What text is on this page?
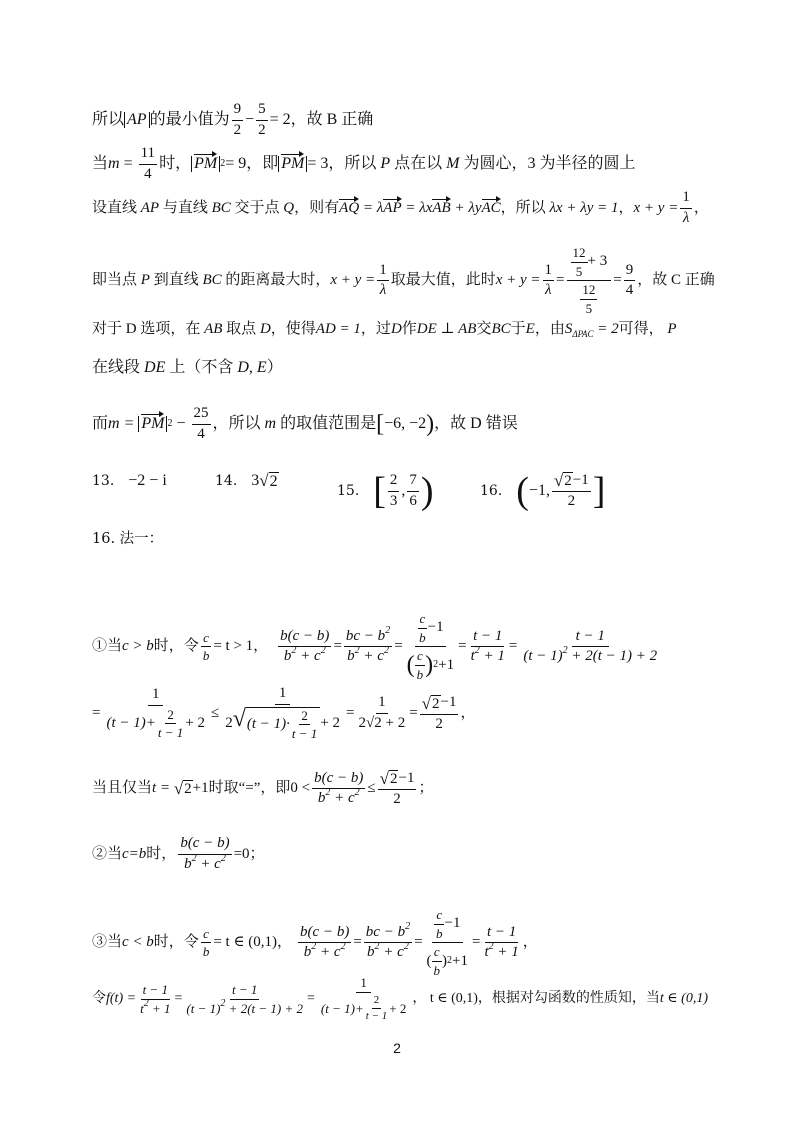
所以 AP 的最小值为 $\frac{9}{2} - \frac{5}{2} = 2$，故 B 正确
当 $m = \frac{11}{4}$ 时， PM 2 = 9，即 PM = 3，所以 P 点在以 M 为圆心，3 为半径的圆上
设直线 AP 与直线 BC 交于点 Q ，则有 AQ = λAP = λxAB + λyAC ，所以 λx + λy = 1 ， $x + y = \frac{1}{\lambda}$ ，
即当点 P 到直线 BC 的距离最大时， $x + y = \frac{1}{\lambda}$ 取最大值，此时 $x + y = \frac{1}{\lambda} = \frac{\frac{12}{5} + 3}{\frac{12}{5}} = \frac{9}{4}$ ，故 C 正确
对于 D 选项，在 AB 取点 D ，使得 AD = 1 ，过 D 作 DE ⊥ AB 交 BC 于 E ，由 $S_{\Delta PAC} = 2$ 可得， P
在线段 DE 上（不含 D, E ）
而 m = PM $2 - \frac{25}{4}$ ，所以 m 的取值范围是 [ −6, −2 ) ，故 D 错误
13. −2 − i	14. 3 √ 2
15. [ $\frac{2}{3}$ , $\frac{7}{6}$ )	16. ( −1, $\frac{√ 2 -1}{2}$ ]
16. 法一：
①当 c > b 时，令 $\frac{c}{b} = t > 1$， $\frac{b(c - b)}{b^2 + c^2} = \frac{bc - b^2}{b^2 + c^2} = \frac{\frac{c}{b} -1}{( \frac{c}{b} ) 2 +1} = \frac{t - 1}{t^2 + 1} = \frac{t - 1}{(t - 1)^2 + 2(t - 1) + 2}$
= $\frac{1}{(t - 1)+ \frac{2}{t - 1} + 2} \le \frac{1}{2 √ (t - 1)\cdot \frac{2}{t - 1} + 2} = \frac{1}{2√2 + 2} = \frac{√ 2 -1}{2}$ ，
当且仅当 t = √ 2 +1 时取“=”，即 $0 < \frac{b(c - b)}{b^2 + c^2} \le \frac{√ 2 -1}{2}$ ；
②当 c=b 时， $\frac{b(c - b)}{b^2 + c^2} =0$；
③当 c < b 时，令 $\frac{c}{b} = t$ ∈ (0,1)， $\frac{b(c - b)}{b^2 + c^2} = \frac{bc - b^2}{b^2 + c^2} = \frac{\frac{c}{b} -1}{( \frac{c}{b} ) 2 +1} = \frac{t - 1}{t^2 + 1}$ ，
令 $f(t) = \frac{t - 1}{t^2 + 1} = \frac{t - 1}{(t - 1)^2 + 2(t - 1) + 2} = \frac{1}{(t - 1)+ \frac{2}{t - 1} + 2}$ ， t ∈ (0,1)，根据对勾函数的性质知，当 t ∈ (0,1)
2
